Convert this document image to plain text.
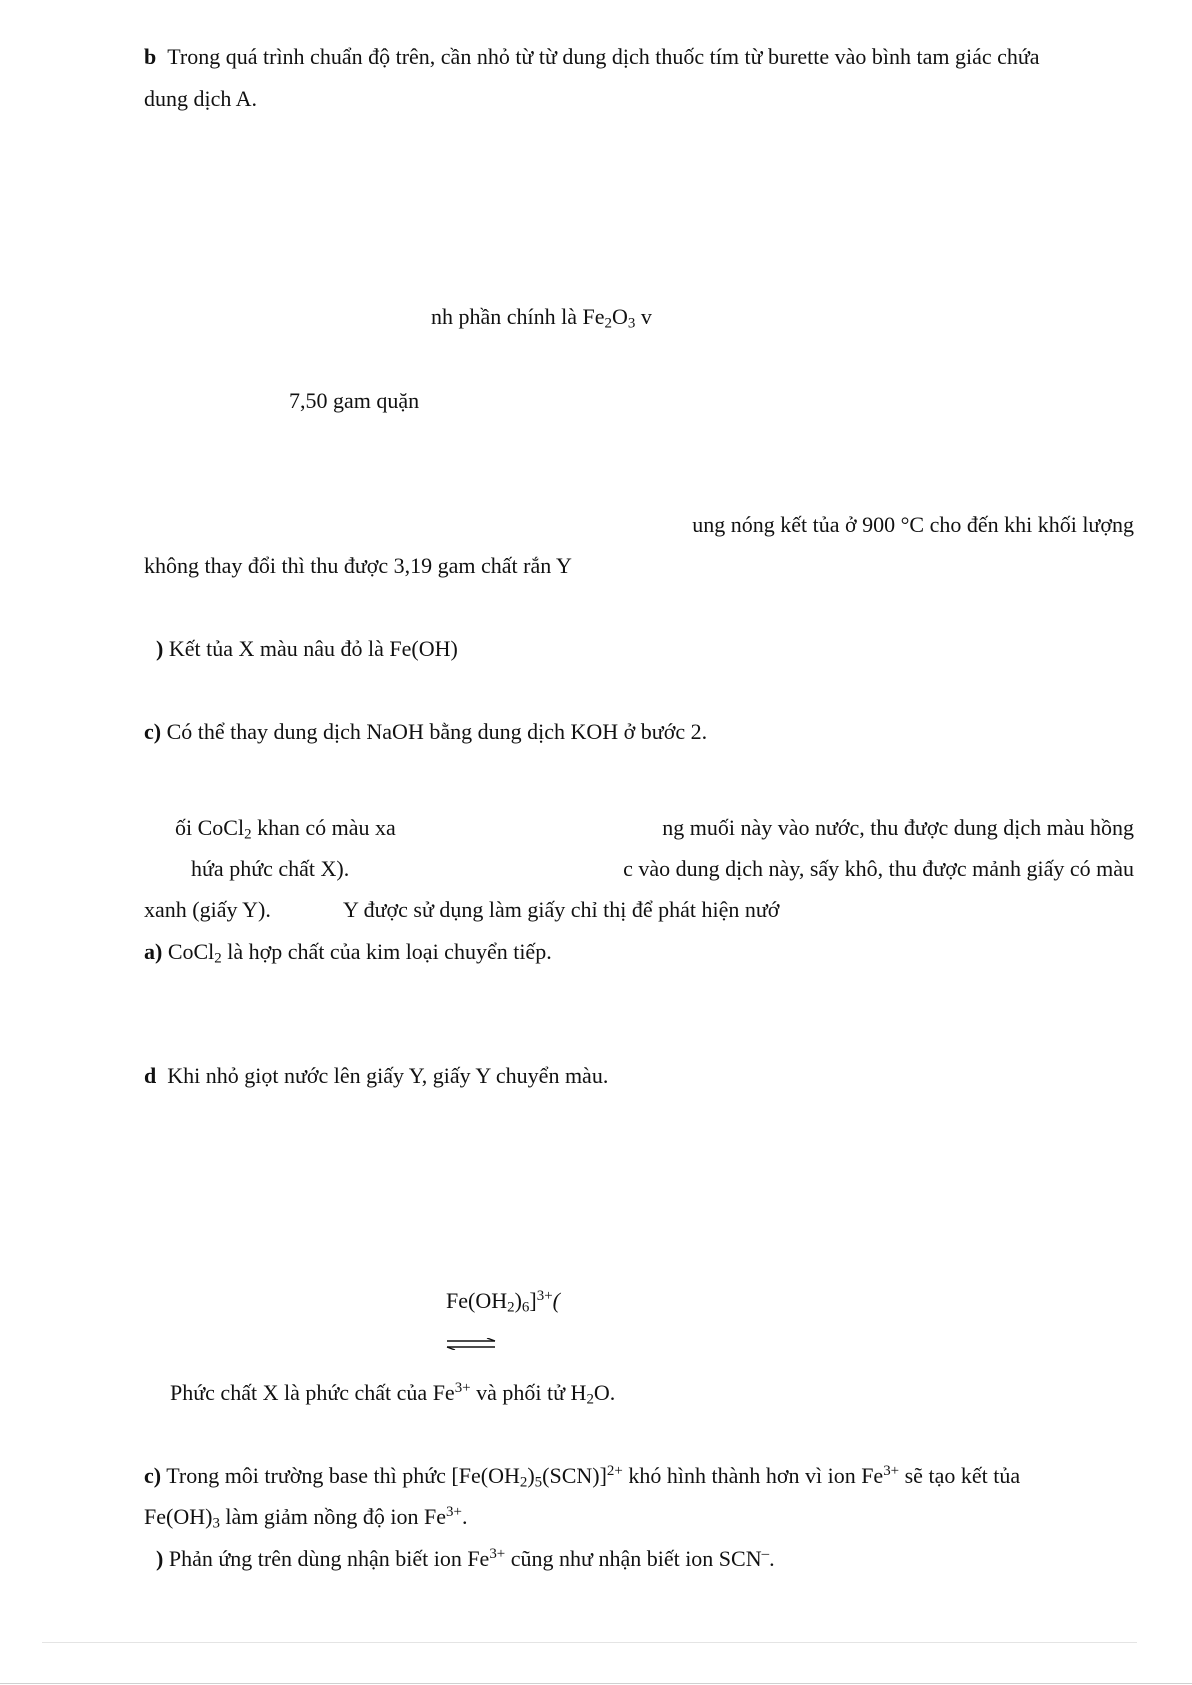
b Trong quá trình chuẩn độ trên, cần nhỏ từ từ dung dịch thuốc tím từ burette vào bình tam giác chứa
dung dịch A.
nh phần chính là $Fe_2O_3$ v
7,50 gam quặn
ung nóng kết tủa ở 900 °C cho đến khi khối lượng
không thay đổi thì thu được 3,19 gam chất rắn Y
) Kết tủa X màu nâu đỏ là Fe(OH)
c) Có thể thay dung dịch NaOH bằng dung dịch KOH ở bước 2.
ối CoCl$_2$ khan có màu xa	ng muối này vào nước, thu được dung dịch màu hồng
hứa phức chất X).	c vào dung dịch này, sấy khô, thu được mảnh giấy có màu
xanh (giấy Y).	Y được sử dụng làm giấy chỉ thị để phát hiện nướ
a) CoCl$_2$ là hợp chất của kim loại chuyển tiếp.
d Khi nhỏ giọt nước lên giấy Y, giấy Y chuyển màu.
$Fe(OH_2)_6]^{3+}$(
Phức chất X là phức chất của $Fe^{3+}$ và phối tử $H_2O$.
c) Trong môi trường base thì phức $[Fe(OH_2)_5(SCN)]^{2+}$ khó hình thành hơn vì ion $Fe^{3+}$ sẽ tạo kết tủa
$Fe(OH)_3$ làm giảm nồng độ ion $Fe^{3+}$.
) Phản ứng trên dùng nhận biết ion $Fe^{3+}$ cũng như nhận biết ion SCN–.
